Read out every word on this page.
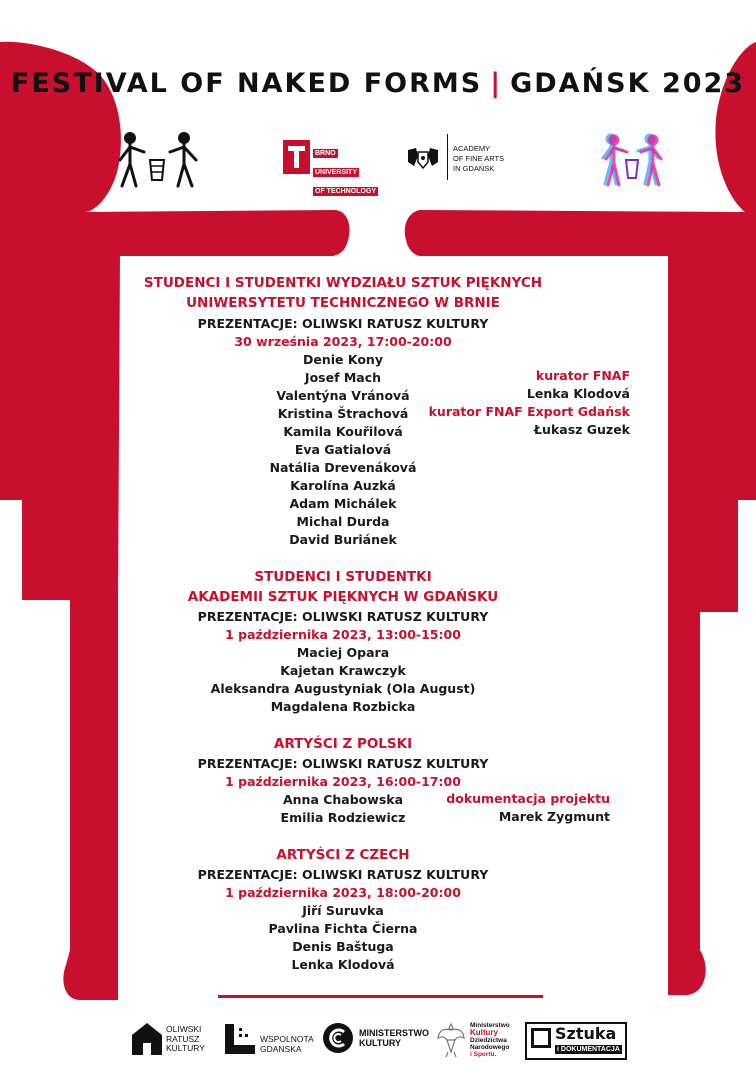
FESTIVAL OF NAKED FORMS | GDAŃSK 2023
BRNO
UNIVERSITY
OF TECHNOLOGY
ACADEMY
OF FINE ARTS
IN GDAŃSK
STUDENCI I STUDENTKI WYDZIAŁU SZTUK PIĘKNYCH
UNIWERSYTETU TECHNICZNEGO W BRNIE
PREZENTACJE: OLIWSKI RATUSZ KULTURY
30 września 2023, 17:00-20:00
Denie Kony
Josef Mach
Valentýna Vránová
Kristina Štrachová
Kamila Kouřilová
Eva Gatialová
Natália Drevenáková
Karolína Auzká
Adam Michálek
Michal Durda
David Buriánek
kurator FNAF
Lenka Klodová
kurator FNAF Export Gdańsk
Łukasz Guzek
STUDENCI I STUDENTKI
AKADEMII SZTUK PIĘKNYCH W GDAŃSKU
PREZENTACJE: OLIWSKI RATUSZ KULTURY
1 października 2023, 13:00-15:00
Maciej Opara
Kajetan Krawczyk
Aleksandra Augustyniak (Ola August)
Magdalena Rozbicka
ARTYŚCI Z POLSKI
PREZENTACJE: OLIWSKI RATUSZ KULTURY
1 października 2023, 16:00-17:00
Anna Chabowska
Emilia Rodziewicz
dokumentacja projektu
Marek Zygmunt
ARTYŚCI Z CZECH
PREZENTACJE: OLIWSKI RATUSZ KULTURY
1 października 2023, 18:00-20:00
Jiří Suruvka
Pavlina Fichta Čierna
Denis Baštuga
Lenka Klodová
OLIWSKI
RATUSZ
KULTURY
WSPOLNOTA
GDANSKA
MINISTERSTWO
KULTURY
Ministerstwo
Kultury
Dziedzictwa
Narodowego
i Sportu.
Sztuka
i DOKUMENTACJA
